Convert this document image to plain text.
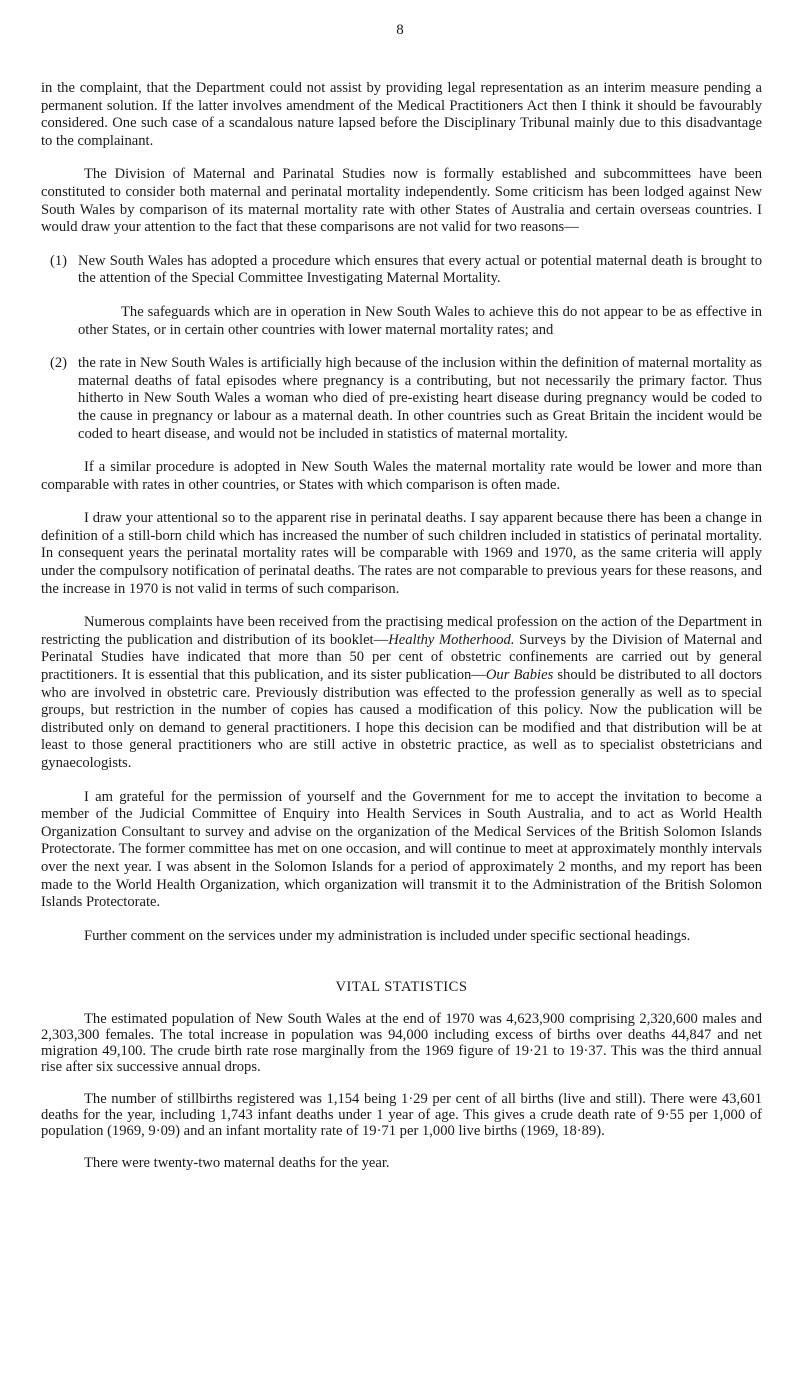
8

in the complaint, that the Department could not assist by providing legal representation as an interim measure pending a permanent solution. If the latter involves amendment of the Medical Practitioners Act then I think it should be favourably considered. One such case of a scandalous nature lapsed before the Disciplinary Tribunal mainly due to this disadvantage to the complainant.

The Division of Maternal and Parinatal Studies now is formally established and subcommittees have been constituted to consider both maternal and perinatal mortality independently. Some criticism has been lodged against New South Wales by comparison of its maternal mortality rate with other States of Australia and certain overseas countries. I would draw your attention to the fact that these comparisons are not valid for two reasons—

(1) New South Wales has adopted a procedure which ensures that every actual or potential maternal death is brought to the attention of the Special Committee Investigating Maternal Mortality.

The safeguards which are in operation in New South Wales to achieve this do not appear to be as effective in other States, or in certain other countries with lower maternal mortality rates; and

(2) the rate in New South Wales is artificially high because of the inclusion within the definition of maternal mortality as maternal deaths of fatal episodes where pregnancy is a contributing, but not necessarily the primary factor. Thus hitherto in New South Wales a woman who died of pre-existing heart disease during pregnancy would be coded to the cause in pregnancy or labour as a maternal death. In other countries such as Great Britain the incident would be coded to heart disease, and would not be included in statistics of maternal mortality.

If a similar procedure is adopted in New South Wales the maternal mortality rate would be lower and more than comparable with rates in other countries, or States with which comparison is often made.

I draw your attentional so to the apparent rise in perinatal deaths. I say apparent because there has been a change in definition of a still-born child which has increased the number of such children included in statistics of perinatal mortality. In consequent years the perinatal mortality rates will be comparable with 1969 and 1970, as the same criteria will apply under the compulsory notification of perinatal deaths. The rates are not comparable to previous years for these reasons, and the increase in 1970 is not valid in terms of such comparison.

Numerous complaints have been received from the practising medical profession on the action of the Department in restricting the publication and distribution of its booklet—Healthy Motherhood. Surveys by the Division of Maternal and Perinatal Studies have indicated that more than 50 per cent of obstetric confinements are carried out by general practitioners. It is essential that this publication, and its sister publication—Our Babies should be distributed to all doctors who are involved in obstetric care. Previously distribution was effected to the profession generally as well as to special groups, but restriction in the number of copies has caused a modification of this policy. Now the publication will be distributed only on demand to general practitioners. I hope this decision can be modified and that distribution will be at least to those general practitioners who are still active in obstetric practice, as well as to specialist obstetricians and gynaecologists.

I am grateful for the permission of yourself and the Government for me to accept the invitation to become a member of the Judicial Committee of Enquiry into Health Services in South Australia, and to act as World Health Organization Consultant to survey and advise on the organization of the Medical Services of the British Solomon Islands Protectorate. The former committee has met on one occasion, and will continue to meet at approximately monthly intervals over the next year. I was absent in the Solomon Islands for a period of approximately 2 months, and my report has been made to the World Health Organization, which organization will transmit it to the Administration of the British Solomon Islands Protectorate.

Further comment on the services under my administration is included under specific sectional headings.

VITAL STATISTICS

The estimated population of New South Wales at the end of 1970 was 4,623,900 comprising 2,320,600 males and 2,303,300 females. The total increase in population was 94,000 including excess of births over deaths 44,847 and net migration 49,100. The crude birth rate rose marginally from the 1969 figure of 19·21 to 19·37. This was the third annual rise after six successive annual drops.

The number of stillbirths registered was 1,154 being 1·29 per cent of all births (live and still). There were 43,601 deaths for the year, including 1,743 infant deaths under 1 year of age. This gives a crude death rate of 9·55 per 1,000 of population (1969, 9·09) and an infant mortality rate of 19·71 per 1,000 live births (1969, 18·89).

There were twenty-two maternal deaths for the year.
